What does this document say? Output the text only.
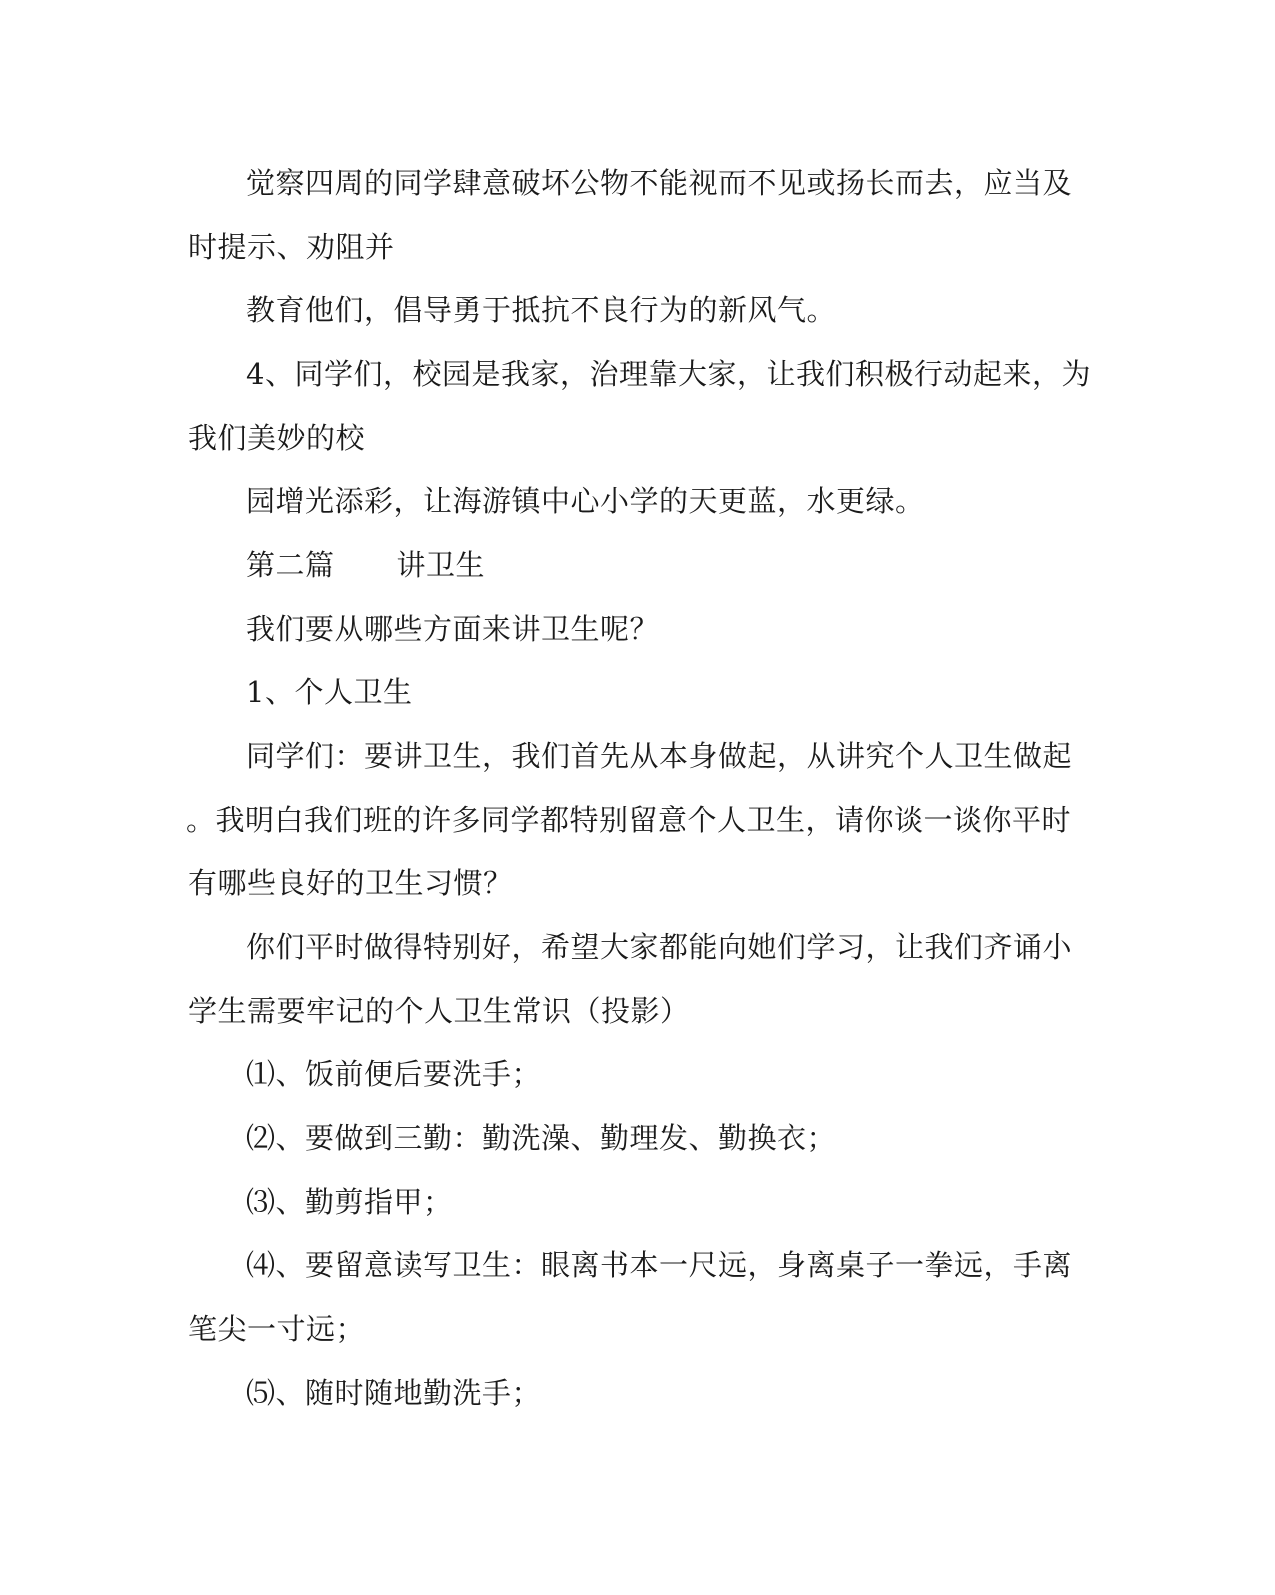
觉察四周的同学肆意破坏公物不能视而不见或扬长而去，应当及
时提示、劝阻并
教育他们，倡导勇于抵抗不良行为的新风气。
4、同学们，校园是我家，治理靠大家，让我们积极行动起来，为
我们美妙的校
园增光添彩，让海游镇中心小学的天更蓝，水更绿。
第二篇 讲卫生
我们要从哪些方面来讲卫生呢？
1、个人卫生
同学们：要讲卫生，我们首先从本身做起，从讲究个人卫生做起
。我明白我们班的许多同学都特别留意个人卫生，请你谈一谈你平时
有哪些良好的卫生习惯？
你们平时做得特别好，希望大家都能向她们学习，让我们齐诵小
学生需要牢记的个人卫生常识（投影）
⑴、饭前便后要洗手；
⑵、要做到三勤：勤洗澡、勤理发、勤换衣；
⑶、勤剪指甲；
⑷、要留意读写卫生：眼离书本一尺远，身离桌子一拳远，手离
笔尖一寸远；
⑸、随时随地勤洗手；
